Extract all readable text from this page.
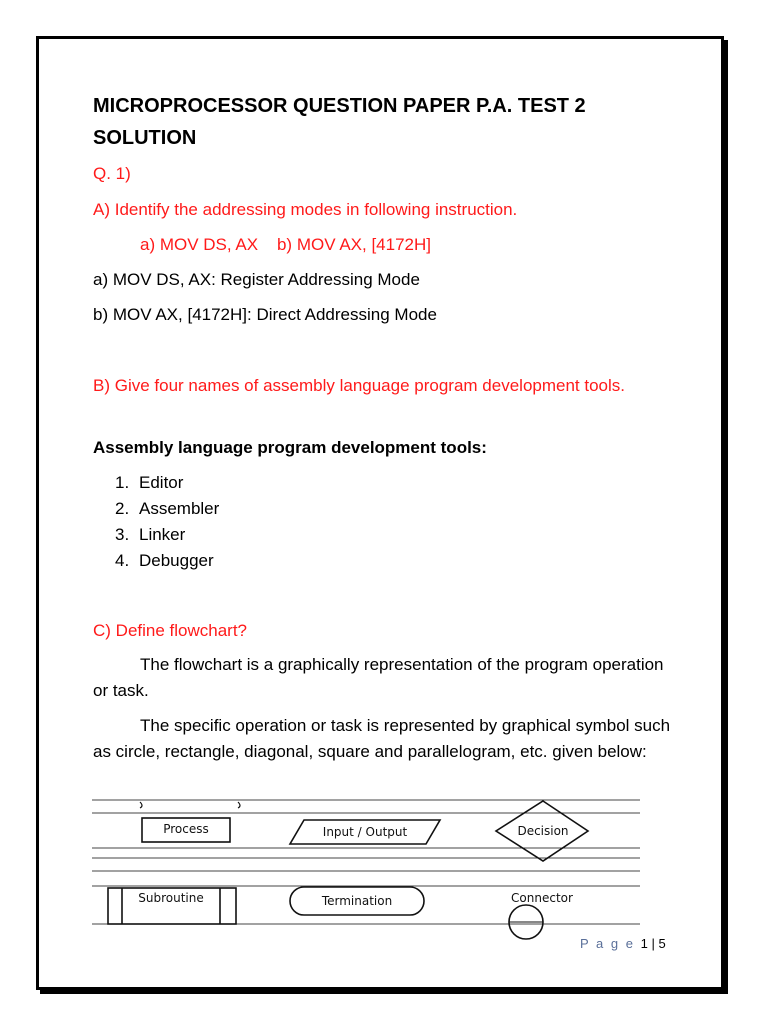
MICROPROCESSOR QUESTION PAPER P.A. TEST 2 SOLUTION
Q. 1)
A) Identify the addressing modes in following instruction.
a) MOV DS, AX    b) MOV AX, [4172H]
a) MOV DS, AX: Register Addressing Mode
b) MOV AX, [4172H]: Direct Addressing Mode
B) Give four names of assembly language program development tools.
Assembly language program development tools:
1. Editor
2. Assembler
3. Linker
4. Debugger
C) Define flowchart?
The flowchart is a graphically representation of the program operation or task.
The specific operation or task is represented by graphical symbol such as circle, rectangle, diagonal, square and parallelogram, etc. given below:
Process	Input / Output	Decision
Subroutine	Termination	Connector
P a g e 1 | 5
